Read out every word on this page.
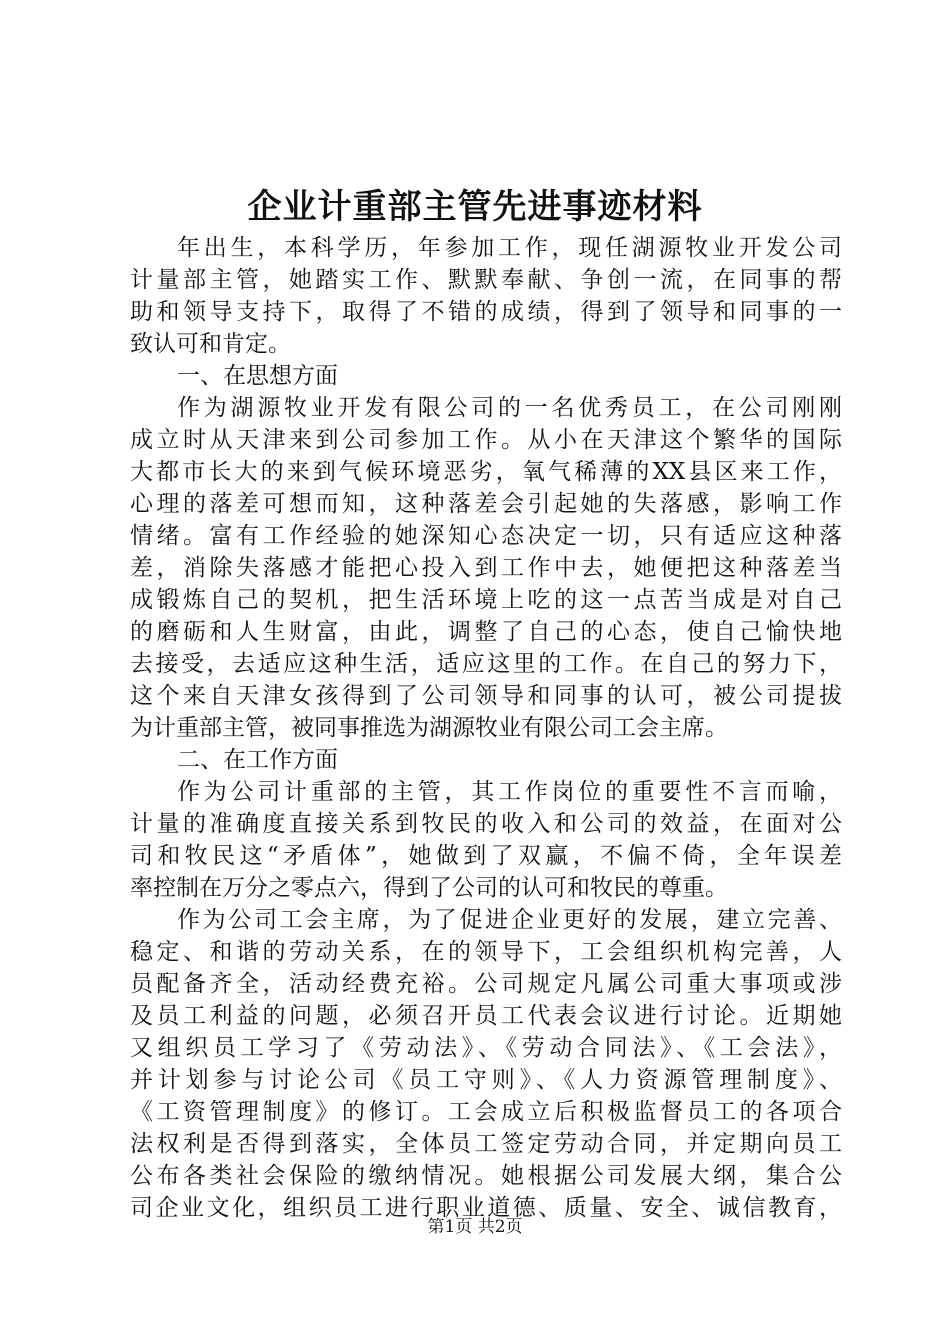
企业计重部主管先进事迹材料
年出生，本科学历，年参加工作，现任湖源牧业开发公司
计量部主管，她踏实工作、默默奉献、争创一流，在同事的帮
助和领导支持下，取得了不错的成绩，得到了领导和同事的一
致认可和肯定。
一、在思想方面
作为湖源牧业开发有限公司的一名优秀员工，在公司刚刚
成立时从天津来到公司参加工作。从小在天津这个繁华的国际
大都市长大的来到气候环境恶劣，氧气稀薄的XX县区来工作，
心理的落差可想而知，这种落差会引起她的失落感，影响工作
情绪。富有工作经验的她深知心态决定一切，只有适应这种落
差，消除失落感才能把心投入到工作中去，她便把这种落差当
成锻炼自己的契机，把生活环境上吃的这一点苦当成是对自己
的磨砺和人生财富，由此，调整了自己的心态，使自己愉快地
去接受，去适应这种生活，适应这里的工作。在自己的努力下，
这个来自天津女孩得到了公司领导和同事的认可，被公司提拔
为计重部主管，被同事推选为湖源牧业有限公司工会主席。
二、在工作方面
作为公司计重部的主管，其工作岗位的重要性不言而喻，
计量的准确度直接关系到牧民的收入和公司的效益，在面对公
司和牧民这“矛盾体”，她做到了双赢，不偏不倚，全年误差
率控制在万分之零点六，得到了公司的认可和牧民的尊重。
作为公司工会主席，为了促进企业更好的发展，建立完善、
稳定、和谐的劳动关系，在的领导下，工会组织机构完善，人
员配备齐全，活动经费充裕。公司规定凡属公司重大事项或涉
及员工利益的问题，必须召开员工代表会议进行讨论。近期她
又组织员工学习了《劳动法》、《劳动合同法》、《工会法》，
并计划参与讨论公司《员工守则》、《人力资源管理制度》、
《工资管理制度》的修订。工会成立后积极监督员工的各项合
法权利是否得到落实，全体员工签定劳动合同，并定期向员工
公布各类社会保险的缴纳情况。她根据公司发展大纲，集合公
司企业文化，组织员工进行职业道德、质量、安全、诚信教育，
第1页 共2页
